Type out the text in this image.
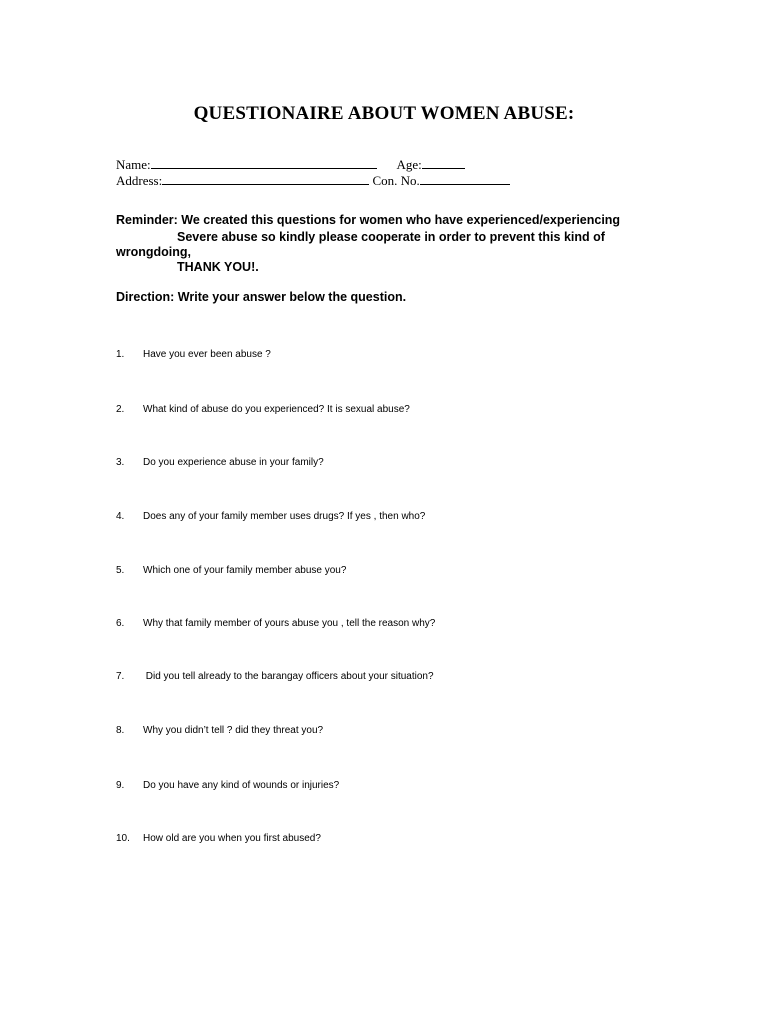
QUESTIONAIRE ABOUT WOMEN ABUSE:
Name:	Age:
Address:	Con. No.
Reminder: We created this questions for women who have experienced/experiencing
Severe abuse so kindly please cooperate in order to prevent this kind of
wrongdoing,
THANK YOU!.
Direction: Write your answer below the question.
1. Have you ever been abuse ?
2. What kind of abuse do you experienced? It is sexual abuse?
3. Do you experience abuse in your family?
4. Does any of your family member uses drugs? If yes , then who?
5. Which one of your family member abuse you?
6. Why that family member of yours abuse you , tell the reason why?
7. Did you tell already to the barangay officers about your situation?
8. Why you didn’t tell ? did they threat you?
9. Do you have any kind of wounds or injuries?
10. How old are you when you first abused?
